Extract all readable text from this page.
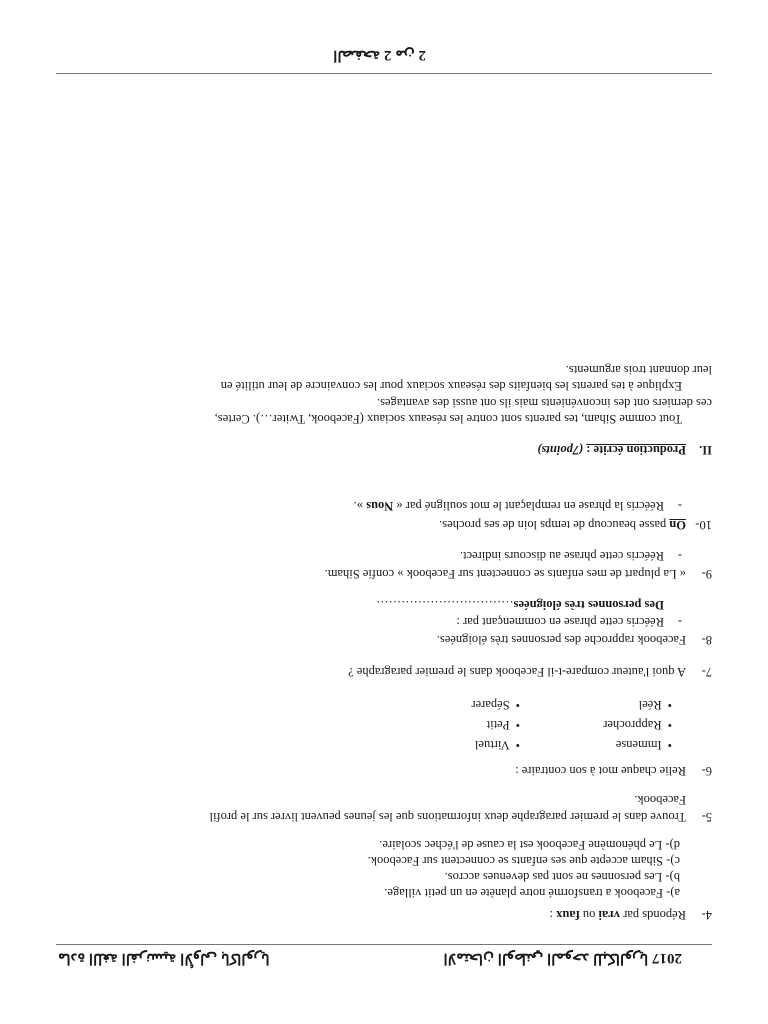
2017 الامتحان الوطني الموحد للبكالوريا
مادة اللغة الفرنسية الأولى باكالوريا
4-Réponds par vrai ou faux :
a)- Facebook a transformé notre planète en un petit village.
b)- Les personnes ne sont pas devenues accros.
c)- Siham accepte que ses enfants se connectent sur Facebook.
d)- Le phénomène Facebook est la cause de l'échec scolaire.
5-Trouve dans le premier paragraphe deux informations que les jeunes peuvent livrer sur le profil
Facebook.
6-Relie chaque mot à son contraire :
• Immense
• Rapprocher
• Réel
• Virtuel
• Petit
• Séparer
7-A quoi l'auteur compare-t-il Facebook dans le premier paragraphe ?
8-Facebook rapproche des personnes très éloignées.
-Réécris cette phrase en commençant par :
Des personnes très éloignées……………………………
9-« La plupart de mes enfants se connectent sur Facebook » confie Siham.
-Réécris cette phrase au discours indirect.
10-On passe beaucoup de temps loin de ses proches.
-Réécris la phrase en remplaçant le mot souligné par « Nous ».
II.Production écrite : (7points)
Tout comme Siham, tes parents sont contre les réseaux sociaux (Facebook, Twiter…). Certes,
ces derniers ont des inconvénients mais ils ont aussi des avantages.
Explique à tes parents les bienfaits des réseaux sociaux pour les convaincre de leur utilité en
leur donnant trois arguments.
الصفحة 2 من 2
